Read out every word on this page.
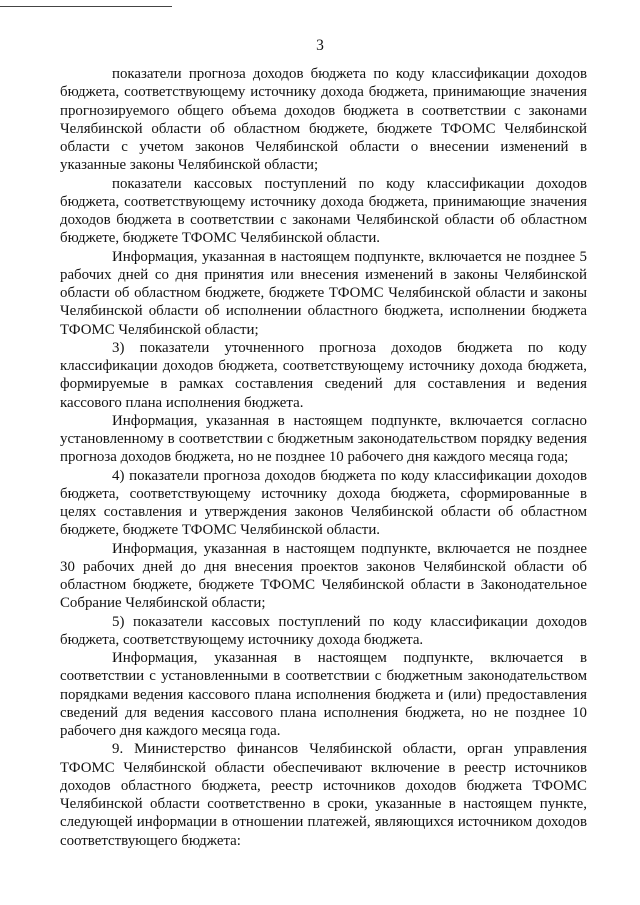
3

показатели прогноза доходов бюджета по коду классификации доходов бюджета, соответствующему источнику дохода бюджета, принимающие значения прогнозируемого общего объема доходов бюджета в соответствии с законами Челябинской области об областном бюджете, бюджете ТФОМС Челябинской области с учетом законов Челябинской области о внесении изменений в указанные законы Челябинской области;

показатели кассовых поступлений по коду классификации доходов бюджета, соответствующему источнику дохода бюджета, принимающие значения доходов бюджета в соответствии с законами Челябинской области об областном бюджете, бюджете ТФОМС Челябинской области.

Информация, указанная в настоящем подпункте, включается не позднее 5 рабочих дней со дня принятия или внесения изменений в законы Челябинской области об областном бюджете, бюджете ТФОМС Челябинской области и законы Челябинской области об исполнении областного бюджета, исполнении бюджета ТФОМС Челябинской области;

3) показатели уточненного прогноза доходов бюджета по коду классификации доходов бюджета, соответствующему источнику дохода бюджета, формируемые в рамках составления сведений для составления и ведения кассового плана исполнения бюджета.

Информация, указанная в настоящем подпункте, включается согласно установленному в соответствии с бюджетным законодательством порядку ведения прогноза доходов бюджета, но не позднее 10 рабочего дня каждого месяца года;

4) показатели прогноза доходов бюджета по коду классификации доходов бюджета, соответствующему источнику дохода бюджета, сформированные в целях составления и утверждения законов Челябинской области об областном бюджете, бюджете ТФОМС Челябинской области.

Информация, указанная в настоящем подпункте, включается не позднее 30 рабочих дней до дня внесения проектов законов Челябинской области об областном бюджете, бюджете ТФОМС Челябинской области в Законодательное Собрание Челябинской области;

5) показатели кассовых поступлений по коду классификации доходов бюджета, соответствующему источнику дохода бюджета.

Информация, указанная в настоящем подпункте, включается в соответствии с установленными в соответствии с бюджетным законодательством порядками ведения кассового плана исполнения бюджета и (или) предоставления сведений для ведения кассового плана исполнения бюджета, но не позднее 10 рабочего дня каждого месяца года.

9. Министерство финансов Челябинской области, орган управления ТФОМС Челябинской области обеспечивают включение в реестр источников доходов областного бюджета, реестр источников доходов бюджета ТФОМС Челябинской области соответственно в сроки, указанные в настоящем пункте, следующей информации в отношении платежей, являющихся источником доходов соответствующего бюджета:
